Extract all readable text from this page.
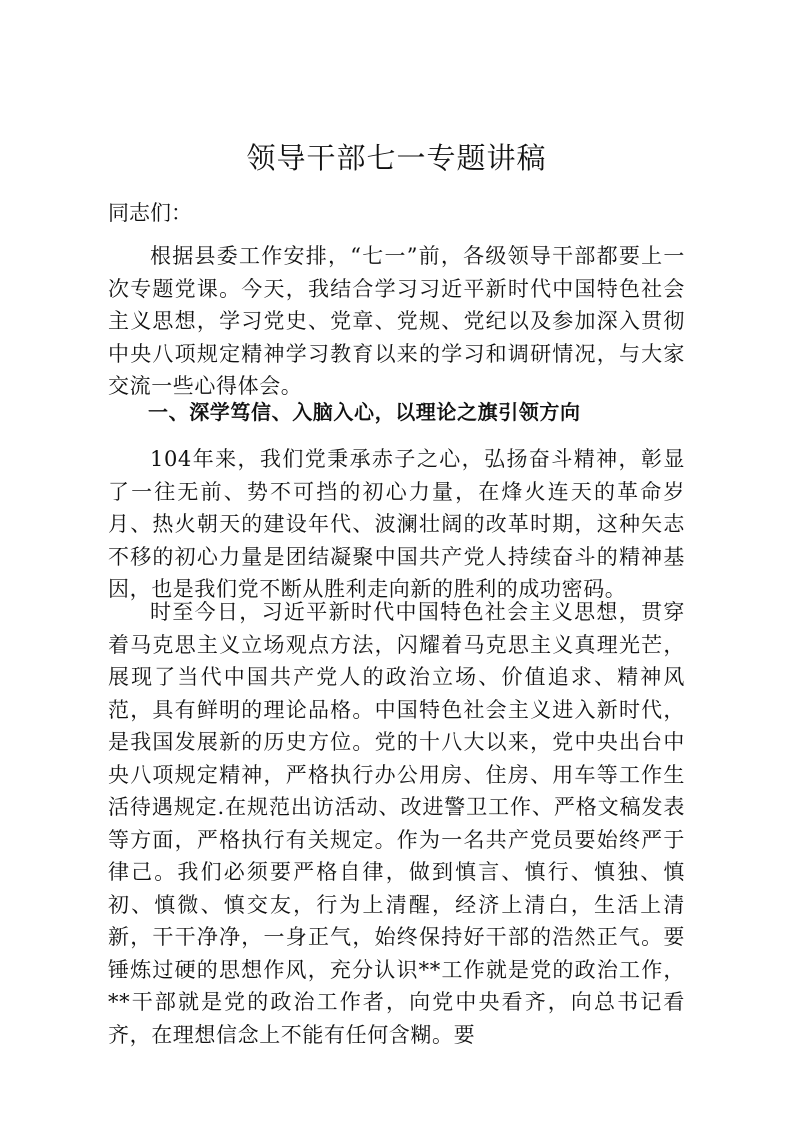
领导干部七一专题讲稿

同志们：

根据县委工作安排，“七一”前，各级领导干部都要上一次专题党课。今天，我结合学习习近平新时代中国特色社会主义思想，学习党史、党章、党规、党纪以及参加深入贯彻中央八项规定精神学习教育以来的学习和调研情况，与大家交流一些心得体会。

一、深学笃信、入脑入心，以理论之旗引领方向

104年来，我们党秉承赤子之心，弘扬奋斗精神，彰显了一往无前、势不可挡的初心力量，在烽火连天的革命岁月、热火朝天的建设年代、波澜壮阔的改革时期，这种矢志不移的初心力量是团结凝聚中国共产党人持续奋斗的精神基因，也是我们党不断从胜利走向新的胜利的成功密码。

时至今日，习近平新时代中国特色社会主义思想，贯穿着马克思主义立场观点方法，闪耀着马克思主义真理光芒，展现了当代中国共产党人的政治立场、价值追求、精神风范，具有鲜明的理论品格。中国特色社会主义进入新时代，是我国发展新的历史方位。党的十八大以来，党中央出台中央八项规定精神，严格执行办公用房、住房、用车等工作生活待遇规定.在规范出访活动、改进警卫工作、严格文稿发表等方面，严格执行有关规定。作为一名共产党员要始终严于律己。我们必须要严格自律，做到慎言、慎行、慎独、慎初、慎微、慎交友，行为上清醒，经济上清白，生活上清新，干干净净，一身正气，始终保持好干部的浩然正气。要锤炼过硬的思想作风，充分认识**工作就是党的政治工作，**干部就是党的政治工作者，向党中央看齐，向总书记看齐，在理想信念上不能有任何含糊。要
